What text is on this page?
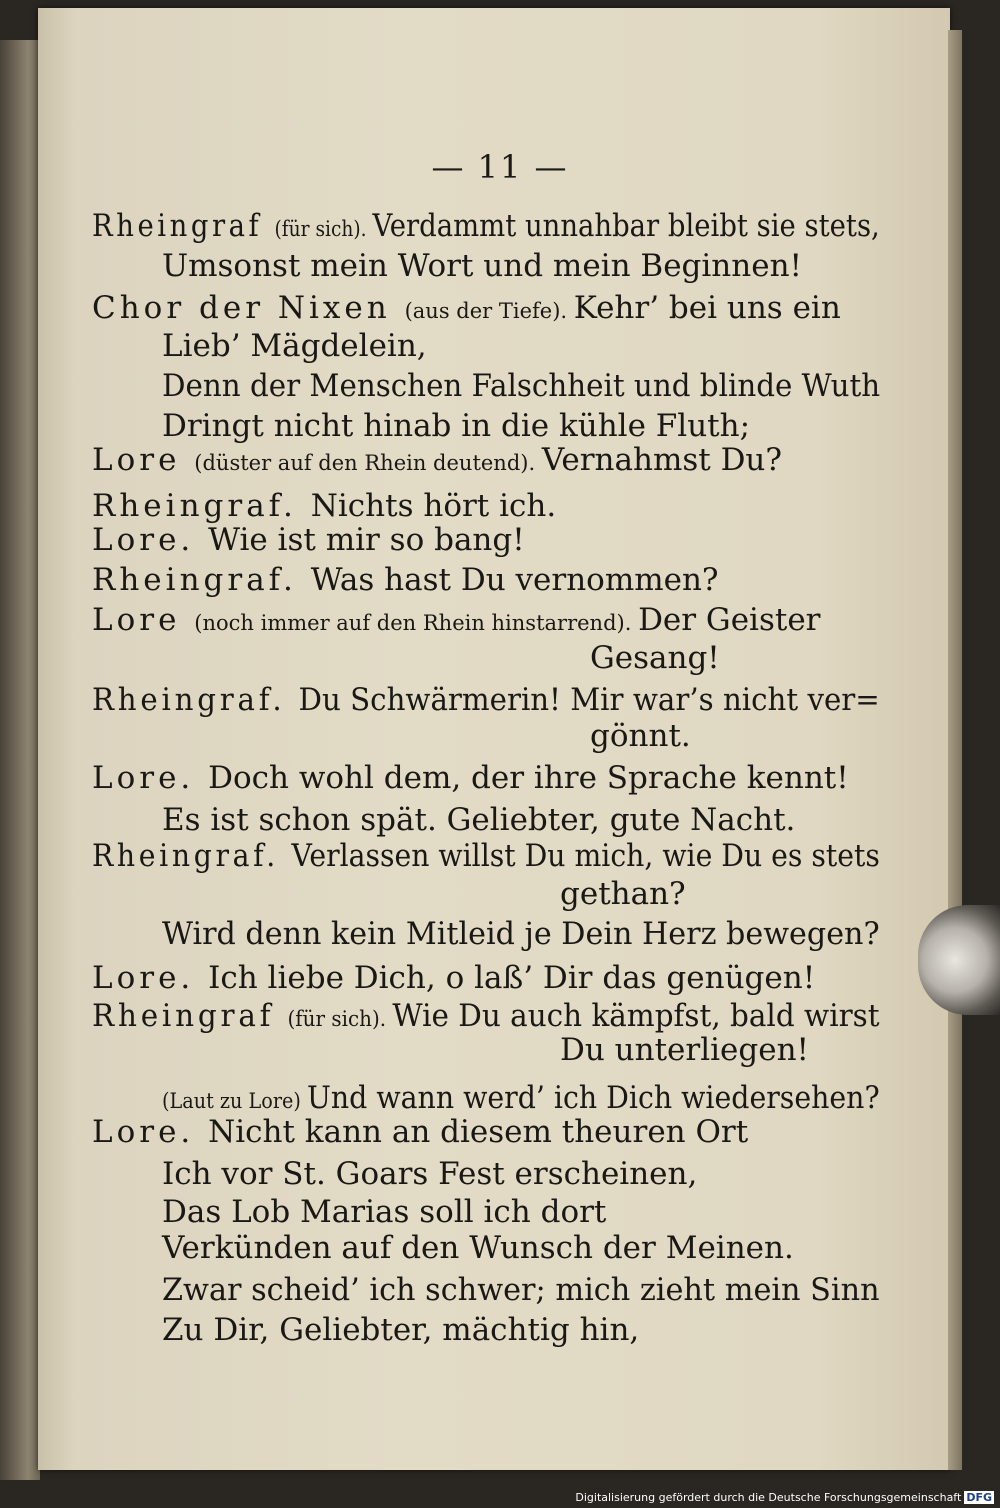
— 11 —
Rheingraf (für sich). Verdammt unnahbar bleibt sie stets,
Umsonst mein Wort und mein Beginnen!
Chor der Nixen (aus der Tiefe). Kehr’ bei uns ein
Lieb’ Mägdelein,
Denn der Menschen Falschheit und blinde Wuth
Dringt nicht hinab in die kühle Fluth;
Lore (düster auf den Rhein deutend). Vernahmst Du?
Rheingraf. Nichts hört ich.
Lore. Wie ist mir so bang!
Rheingraf. Was hast Du vernommen?
Lore (noch immer auf den Rhein hinstarrend). Der Geister
Gesang!
Rheingraf. Du Schwärmerin! Mir war’s nicht ver=
gönnt.
Lore. Doch wohl dem, der ihre Sprache kennt!
Es ist schon spät. Geliebter, gute Nacht.
Rheingraf. Verlassen willst Du mich, wie Du es stets
gethan?
Wird denn kein Mitleid je Dein Herz bewegen?
Lore. Ich liebe Dich, o laß’ Dir das genügen!
Rheingraf (für sich). Wie Du auch kämpfst, bald wirst
Du unterliegen!
(Laut zu Lore) Und wann werd’ ich Dich wiedersehen?
Lore. Nicht kann an diesem theuren Ort
Ich vor St. Goars Fest erscheinen,
Das Lob Marias soll ich dort
Verkünden auf den Wunsch der Meinen.
Zwar scheid’ ich schwer; mich zieht mein Sinn
Zu Dir, Geliebter, mächtig hin,
Digitalisierung gefördert durch die Deutsche Forschungsgemeinschaft DFG
